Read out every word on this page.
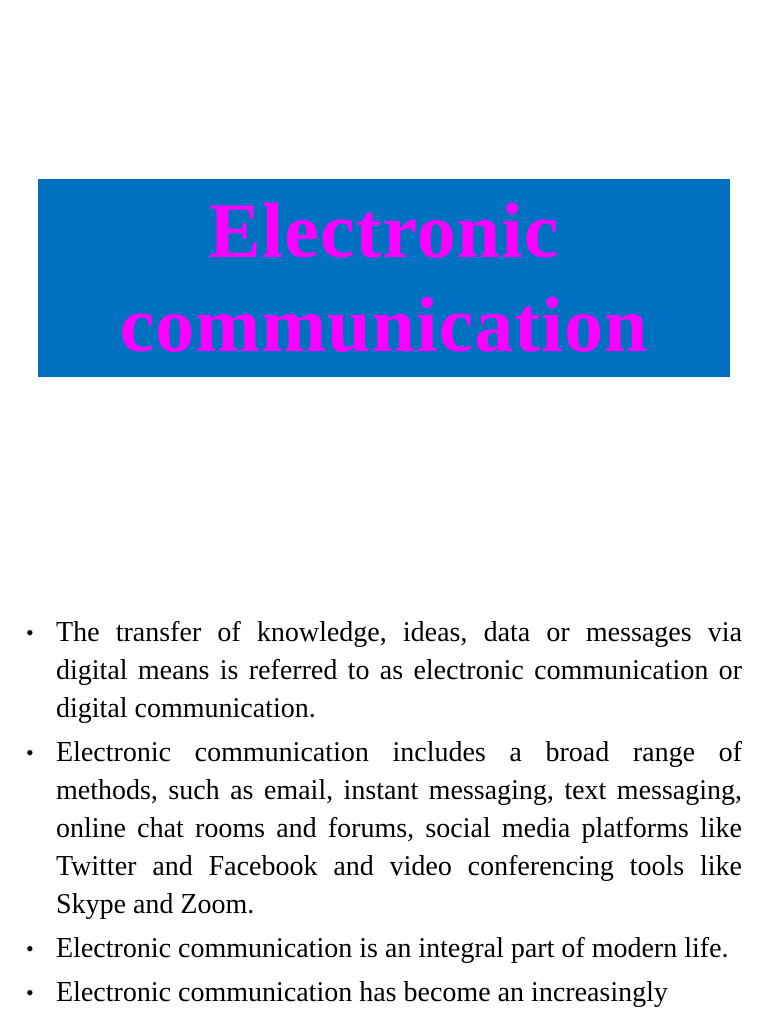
Electronic communication
• The transfer of knowledge, ideas, data or messages via digital means is referred to as electronic communication or digital communication.
• Electronic communication includes a broad range of methods, such as email, instant messaging, text messaging, online chat rooms and forums, social media platforms like Twitter and Facebook and video conferencing tools like Skype and Zoom.
• Electronic communication is an integral part of modern life.
• Electronic communication has become an increasingly
